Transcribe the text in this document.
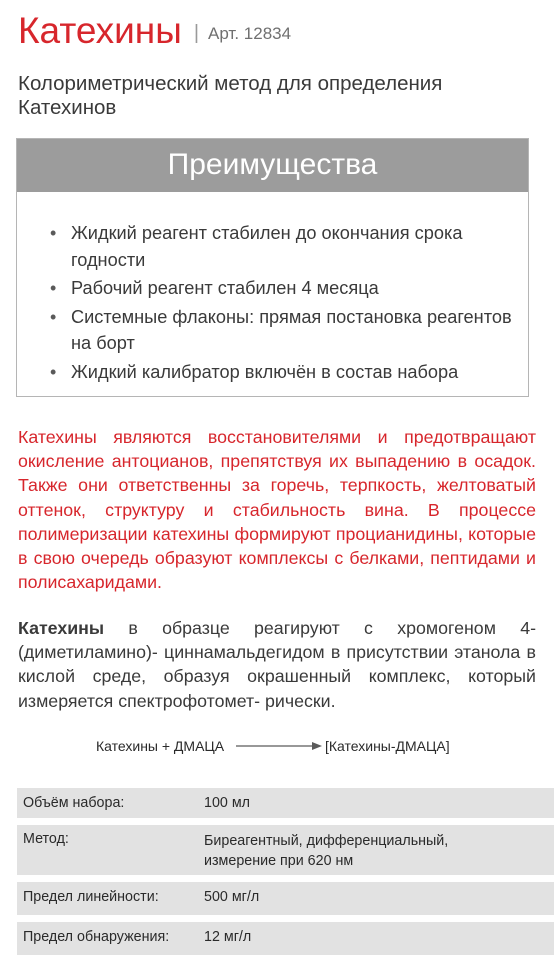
Катехины | Арт. 12834
Колориметрический метод для определения Катехинов
Преимущества
• Жидкий реагент стабилен до окончания срока годности
• Рабочий реагент стабилен 4 месяца
• Системные флаконы: прямая постановка реагентов на борт
• Жидкий калибратор включён в состав набора
Катехины являются восстановителями и предотвращают окисление антоцианов, препятствуя их выпадению в осадок. Также они ответственны за горечь, терпкость, желтоватый оттенок, структуру и стабильность вина. В процессе полимеризации катехины формируют процианидины, которые в свою очередь образуют комплексы с белками, пептидами и полисахаридами.
Катехины в образце реагируют с хромогеном 4-(диметиламино)- циннамальдегидом в присутствии этанола в кислой среде, образуя окрашенный комплекс, который измеряется спектрофотомет- рически.
Катехины + ДМАЦА	[Катехины-ДМАЦА]
Объём набора:	100 мл

Метод:	Биреагентный, дифференциальный, измерение при 620 нм

Предел линейности:	500 мг/л

Предел обнаружения:	12 мг/л
